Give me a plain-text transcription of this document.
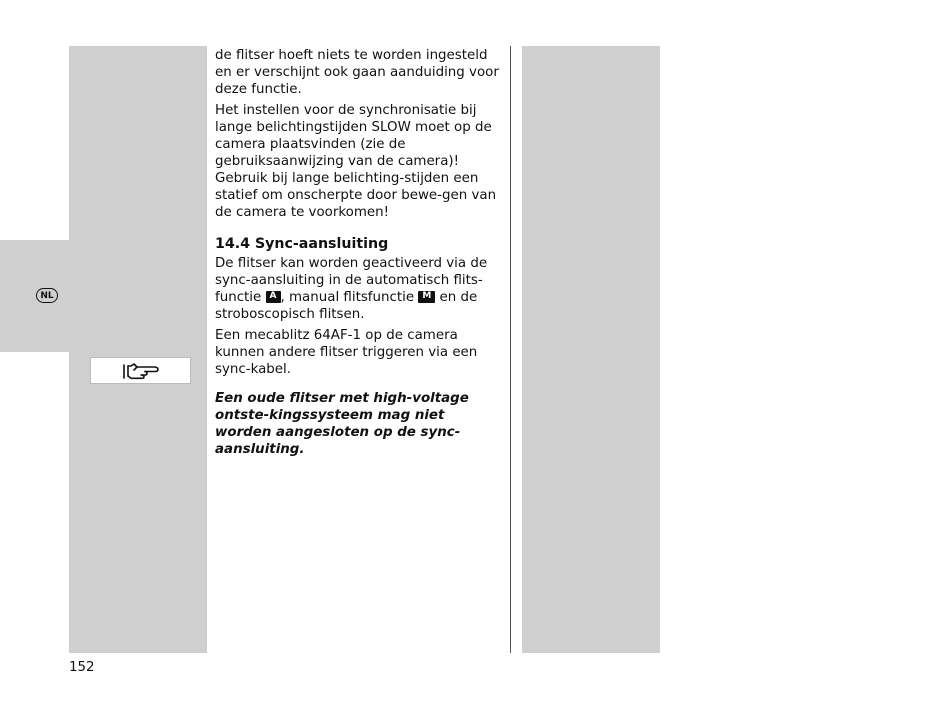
NL

de flitser hoeft niets te worden ingesteld en er verschijnt ook gaan aanduiding voor deze functie.

Het instellen voor de synchronisatie bij lange belichtingstijden SLOW moet op de camera plaatsvinden (zie de gebruiksaanwijzing van de camera)! Gebruik bij lange belichting-stijden een statief om onscherpte door bewe-gen van de camera te voorkomen!

14.4 Sync-aansluiting

De flitser kan worden geactiveerd via de sync-aansluiting in de automatisch flits-functie A , manual flitsfunctie M en de stroboscopisch flitsen.

Een mecablitz 64AF-1 op de camera kunnen andere flitser triggeren via een sync-kabel.

Een oude flitser met high-voltage ontste-kingssysteem mag niet worden aangesloten op de sync-aansluiting.

152
